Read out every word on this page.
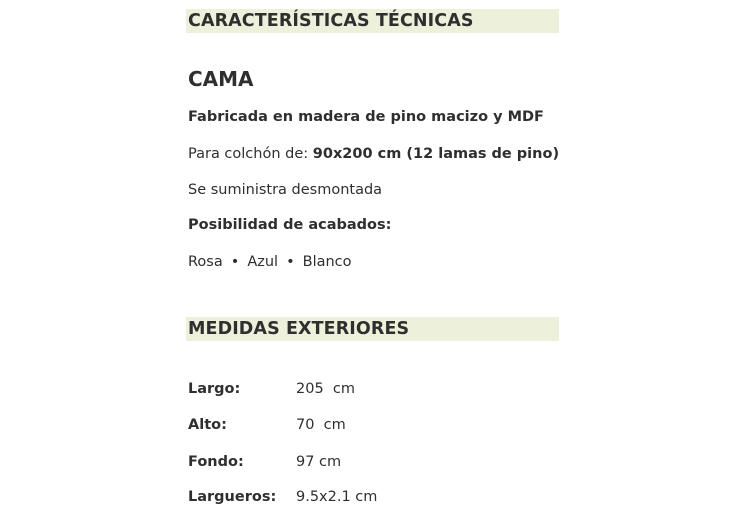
CARACTERÍSTICAS TÉCNICAS
CAMA
Fabricada en madera de pino macizo y MDF
Para colchón de: 90x200 cm (12 lamas de pino)
Se suministra desmontada
Posibilidad de acabados:
Rosa • Azul • Blanco
MEDIDAS EXTERIORES
Largo:	205  cm
Alto:	70  cm
Fondo:	97 cm
Largueros: 9.5x2.1 cm
